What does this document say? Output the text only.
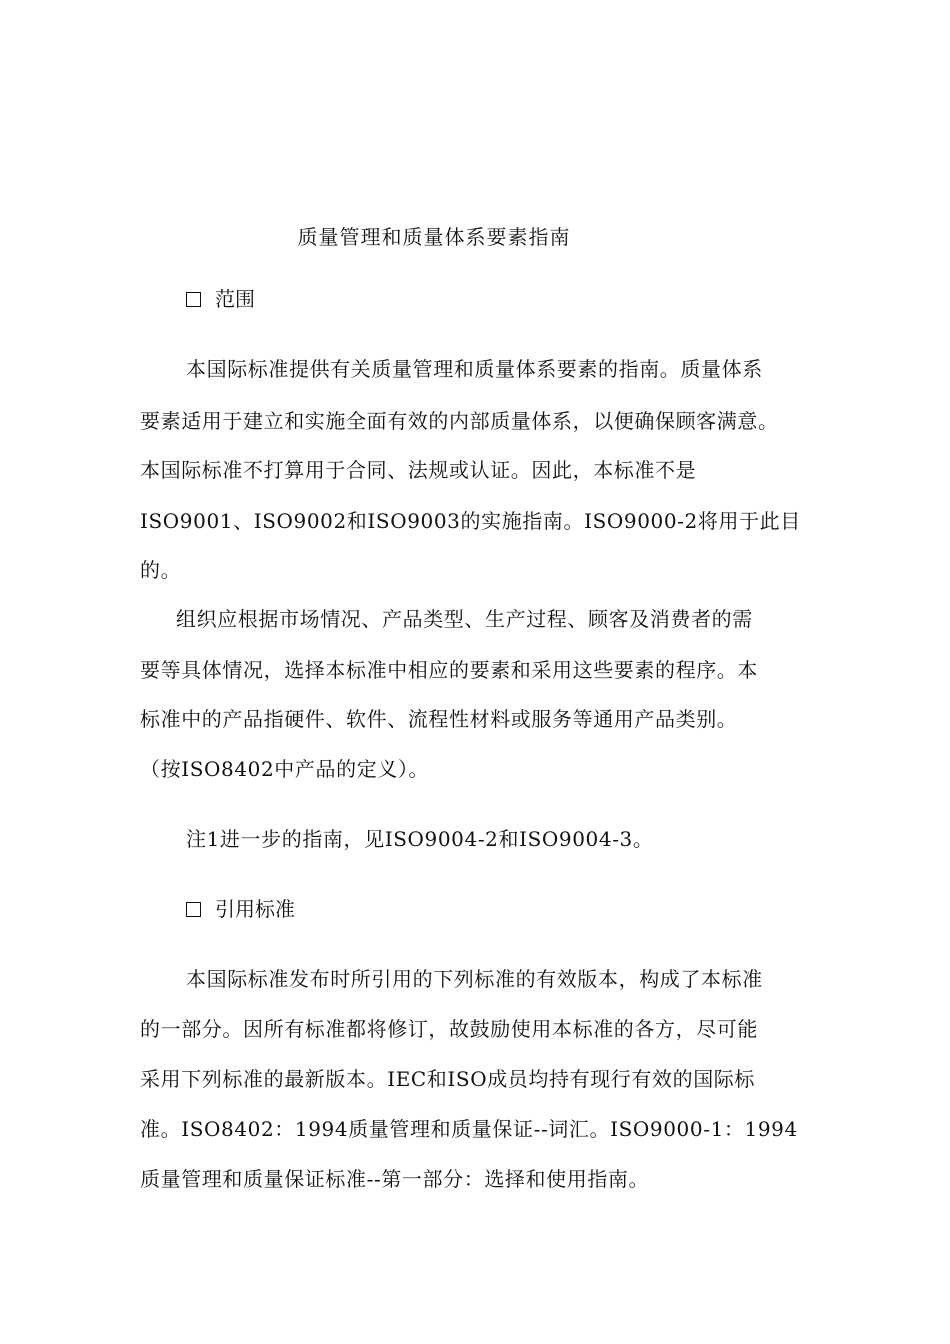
质量管理和质量体系要素指南
范围
本国际标准提供有关质量管理和质量体系要素的指南。质量体系
要素适用于建立和实施全面有效的内部质量体系，以便确保顾客满意。
本国际标准不打算用于合同、法规或认证。因此，本标准不是
ISO9001、ISO9002和ISO9003的实施指南。ISO9000-2将用于此目
的。
组织应根据市场情况、产品类型、生产过程、顾客及消费者的需
要等具体情况，选择本标准中相应的要素和采用这些要素的程序。本
标准中的产品指硬件、软件、流程性材料或服务等通用产品类别。
（按ISO8402中产品的定义）。
注1进一步的指南，见ISO9004-2和ISO9004-3。
引用标准
本国际标准发布时所引用的下列标准的有效版本，构成了本标准
的一部分。因所有标准都将修订，故鼓励使用本标准的各方，尽可能
采用下列标准的最新版本。IEC和ISO成员均持有现行有效的国际标
准。ISO8402：1994质量管理和质量保证--词汇。ISO9000-1：1994
质量管理和质量保证标准--第一部分：选择和使用指南。
